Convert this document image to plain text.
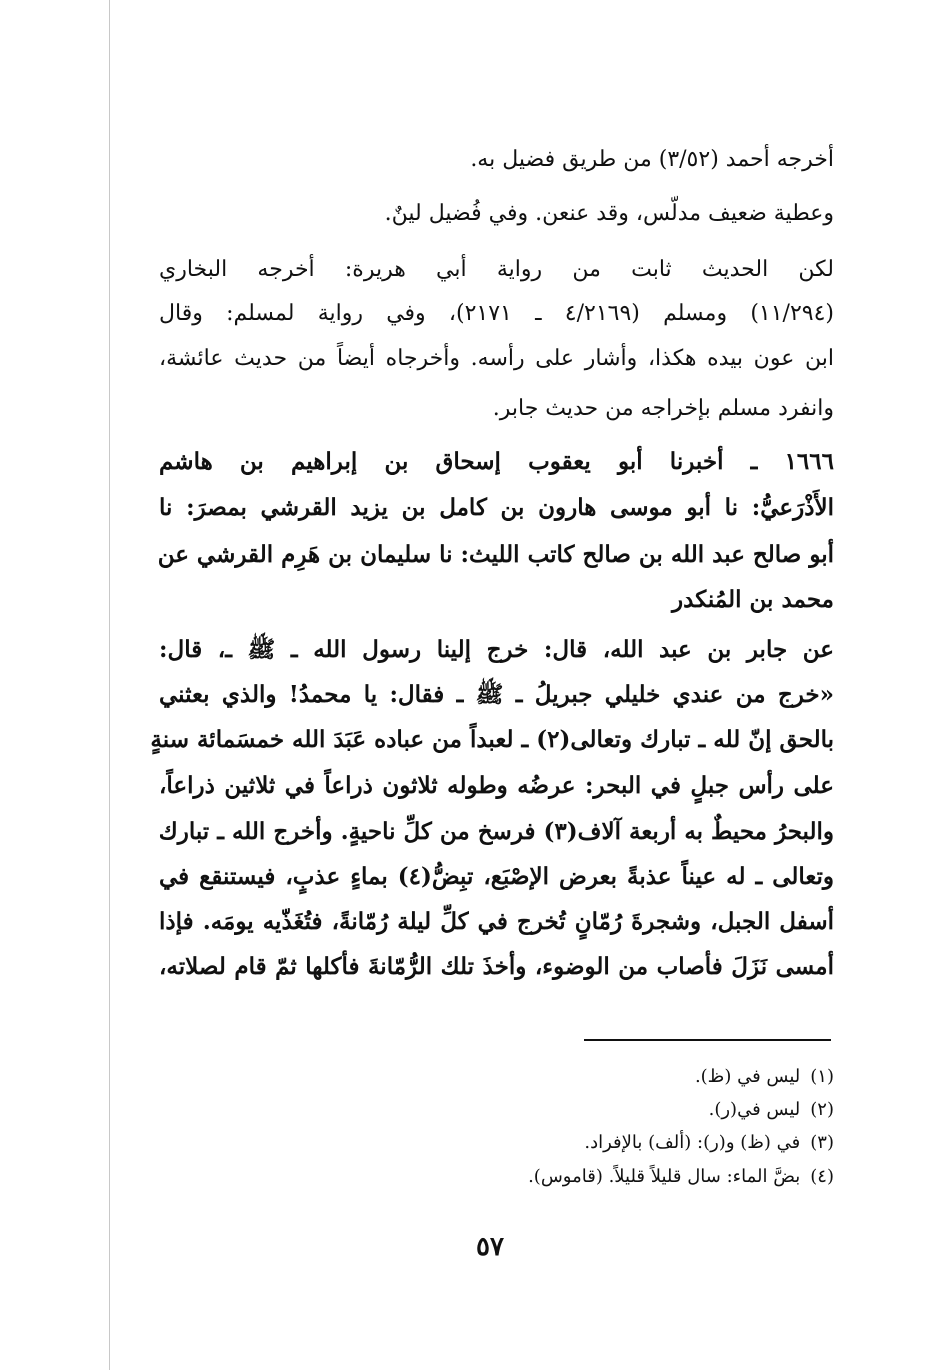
أخرجه أحمد (٣/٥٢) من طريق فضيل به.
وعطية ضعيف مدلّس، وقد عنعن. وفي فُضيل لينٌ.
لكن الحديث ثابت من رواية أبي هريرة: أخرجه البخاري
(١١/٢٩٤) ومسلم (٤/٢١٦٩ ـ ٢١٧١)، وفي رواية لمسلم: وقال
ابن عون بيده هكذا، وأشار على رأسه. وأخرجاه أيضاً من حديث عائشة،
وانفرد مسلم بإخراجه من حديث جابر.
١٦٦٦ ـ أخبرنا أبو يعقوب إسحاق بن إبراهيم بن هاشم
الأَذْرَعيُّ: نا أبو موسى هارون بن كامل بن يزيد القرشي بمصرَ: نا
أبو صالح عبد الله بن صالح كاتب الليث: نا سليمان بن هَرِم القرشي عن
محمد بن المُنكدر
عن جابر بن عبد الله، قال: خرج إلينا رسول الله ـ ﷺ ـ، قال:
«خرج من عندي خليلي جبريلُ ـ ﷺ ـ فقال: يا محمدُ! والذي بعثني
بالحق إنّ لله ـ تبارك وتعالى(٢) ـ لعبداً من عباده عَبَدَ الله خمسَمائة سنةٍ
على رأس جبلٍ في البحر: عرضُه وطوله ثلاثون ذراعاً في ثلاثين ذراعاً،
والبحرُ محيطٌ به أربعة آلاف(٣) فرسخ من كلِّ ناحيةٍ. وأخرج الله ـ تبارك
وتعالى ـ له عيناً عذبةً بعرض الإصْبَع، تبِضُّ(٤) بماءٍ عذبٍ، فيستنقع في
أسفل الجبل، وشجرةَ رُمّانٍ تُخرج في كلِّ ليلة رُمّانةً، فتُغَذّيه يومَه. فإذا
أمسى نَزَلَ فأصاب من الوضوء، وأخذَ تلك الرُّمّانةَ فأكلها ثمّ قام لصلاته،
(١)ليس في (ظ).
(٢)ليس في(ر).
(٣)في (ظ) و(ر): (ألف) بالإفراد.
(٤)بضَّ الماء: سال قليلاً قليلاً. (قاموس).
٥٧
